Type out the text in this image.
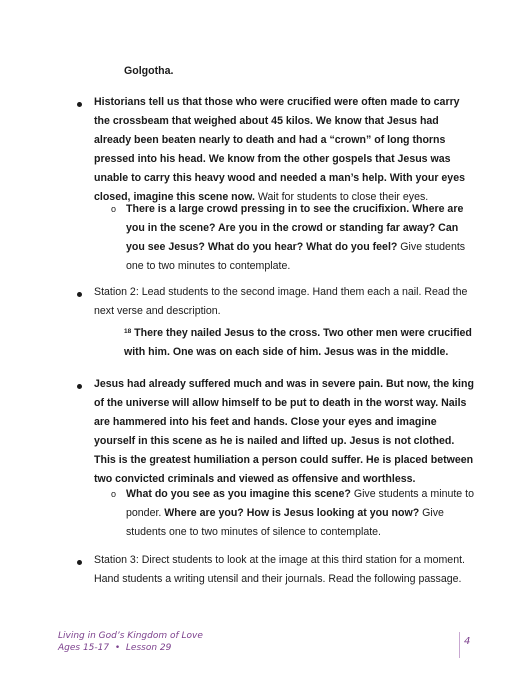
Golgotha.
Historians tell us that those who were crucified were often made to carry the crossbeam that weighed about 45 kilos. We know that Jesus had already been beaten nearly to death and had a “crown” of long thorns pressed into his head. We know from the other gospels that Jesus was unable to carry this heavy wood and needed a man’s help. With your eyes closed, imagine this scene now. Wait for students to close their eyes.
o There is a large crowd pressing in to see the crucifixion. Where are you in the scene? Are you in the crowd or standing far away? Can you see Jesus? What do you hear? What do you feel? Give students one to two minutes to contemplate.
Station 2: Lead students to the second image. Hand them each a nail. Read the next verse and description.
$^{18}$ There they nailed Jesus to the cross. Two other men were crucified with him. One was on each side of him. Jesus was in the middle.
Jesus had already suffered much and was in severe pain. But now, the king of the universe will allow himself to be put to death in the worst way. Nails are hammered into his feet and hands. Close your eyes and imagine yourself in this scene as he is nailed and lifted up. Jesus is not clothed. This is the greatest humiliation a person could suffer. He is placed between two convicted criminals and viewed as offensive and worthless.
o What do you see as you imagine this scene? Give students a minute to ponder. Where are you? How is Jesus looking at you now? Give students one to two minutes of silence to contemplate.
Station 3: Direct students to look at the image at this third station for a moment. Hand students a writing utensil and their journals. Read the following passage.
Living in God’s Kingdom of Love
Ages 15-17 • Lesson 29
4
